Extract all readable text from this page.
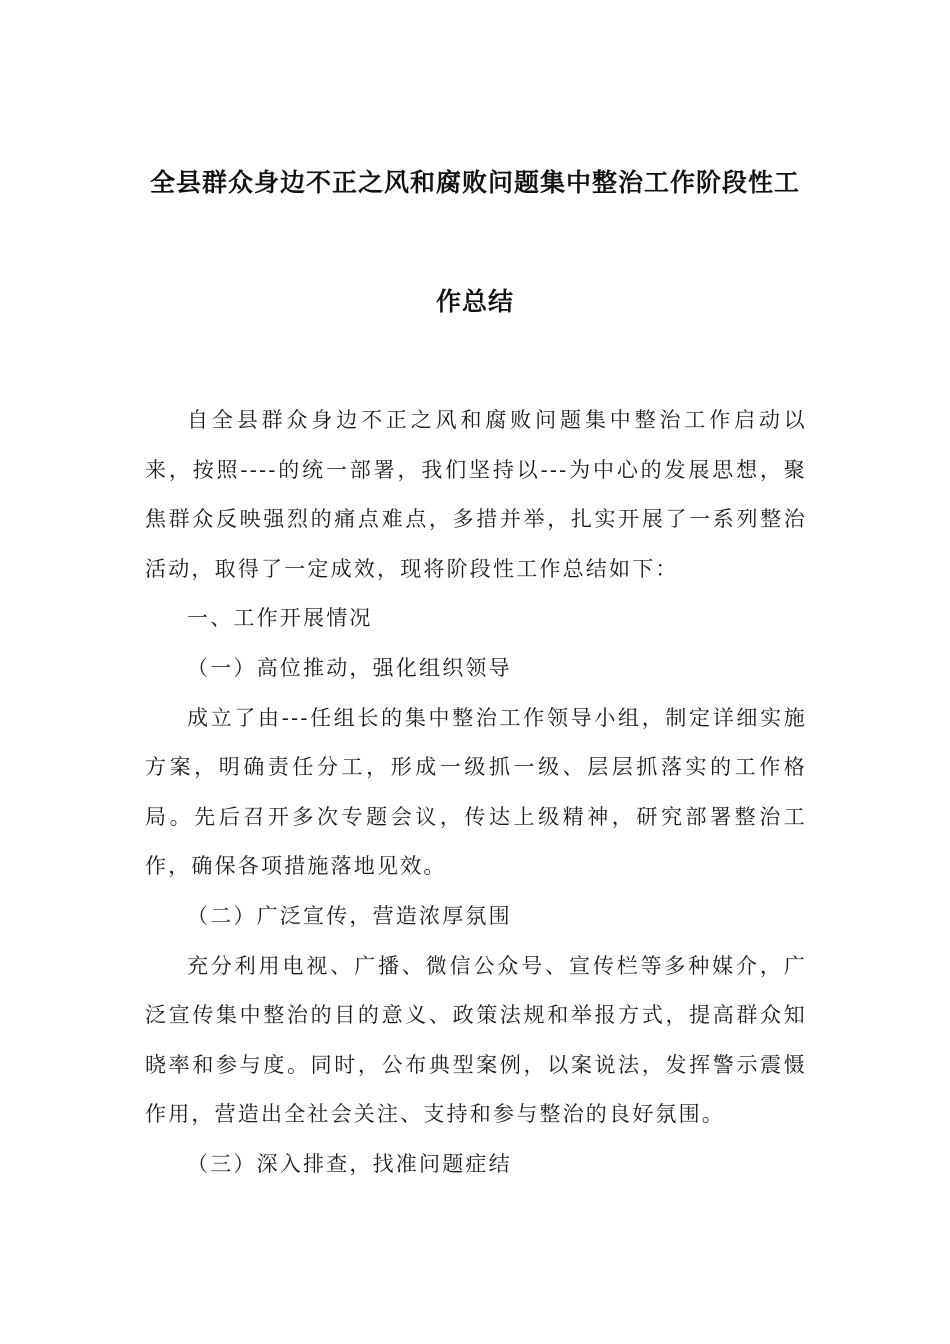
全县群众身边不正之风和腐败问题集中整治工作阶段性工
作总结

自全县群众身边不正之风和腐败问题集中整治工作启动以来，按照----的统一部署，我们坚持以---为中心的发展思想，聚焦群众反映强烈的痛点难点，多措并举，扎实开展了一系列整治活动，取得了一定成效，现将阶段性工作总结如下：

一、工作开展情况

（一）高位推动，强化组织领导

成立了由---任组长的集中整治工作领导小组，制定详细实施方案，明确责任分工，形成一级抓一级、层层抓落实的工作格局。先后召开多次专题会议，传达上级精神，研究部署整治工作，确保各项措施落地见效。

（二）广泛宣传，营造浓厚氛围

充分利用电视、广播、微信公众号、宣传栏等多种媒介，广泛宣传集中整治的目的意义、政策法规和举报方式，提高群众知晓率和参与度。同时，公布典型案例，以案说法，发挥警示震慑作用，营造出全社会关注、支持和参与整治的良好氛围。

（三）深入排查，找准问题症结
